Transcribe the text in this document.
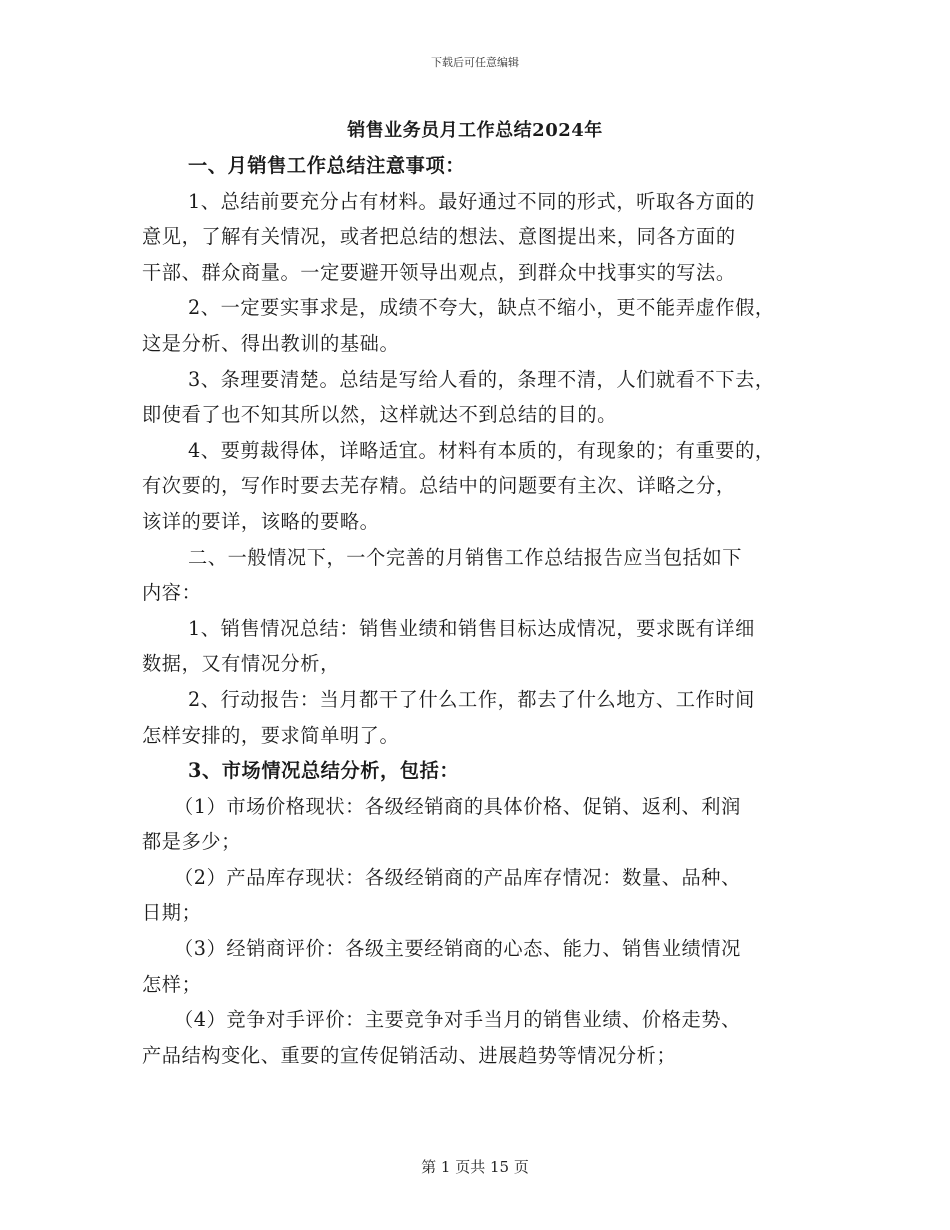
下载后可任意编辑
销售业务员月工作总结2024年
一、月销售工作总结注意事项：
1、总结前要充分占有材料。最好通过不同的形式，听取各方面的
意见，了解有关情况，或者把总结的想法、意图提出来，同各方面的
干部、群众商量。一定要避开领导出观点，到群众中找事实的写法。
2、一定要实事求是，成绩不夸大，缺点不缩小，更不能弄虚作假，
这是分析、得出教训的基础。
3、条理要清楚。总结是写给人看的，条理不清，人们就看不下去，
即使看了也不知其所以然，这样就达不到总结的目的。
4、要剪裁得体，详略适宜。材料有本质的，有现象的；有重要的，
有次要的，写作时要去芜存精。总结中的问题要有主次、详略之分，
该详的要详，该略的要略。
二、一般情况下，一个完善的月销售工作总结报告应当包括如下
内容：
1、销售情况总结：销售业绩和销售目标达成情况，要求既有详细
数据，又有情况分析，
2、行动报告：当月都干了什么工作，都去了什么地方、工作时间
怎样安排的，要求简单明了。
3、市场情况总结分析，包括：
（1）市场价格现状：各级经销商的具体价格、促销、返利、利润
都是多少；
（2）产品库存现状：各级经销商的产品库存情况：数量、品种、
日期；
（3）经销商评价：各级主要经销商的心态、能力、销售业绩情况
怎样；
（4）竞争对手评价：主要竞争对手当月的销售业绩、价格走势、
产品结构变化、重要的宣传促销活动、进展趋势等情况分析；
第 1 页共 15 页
